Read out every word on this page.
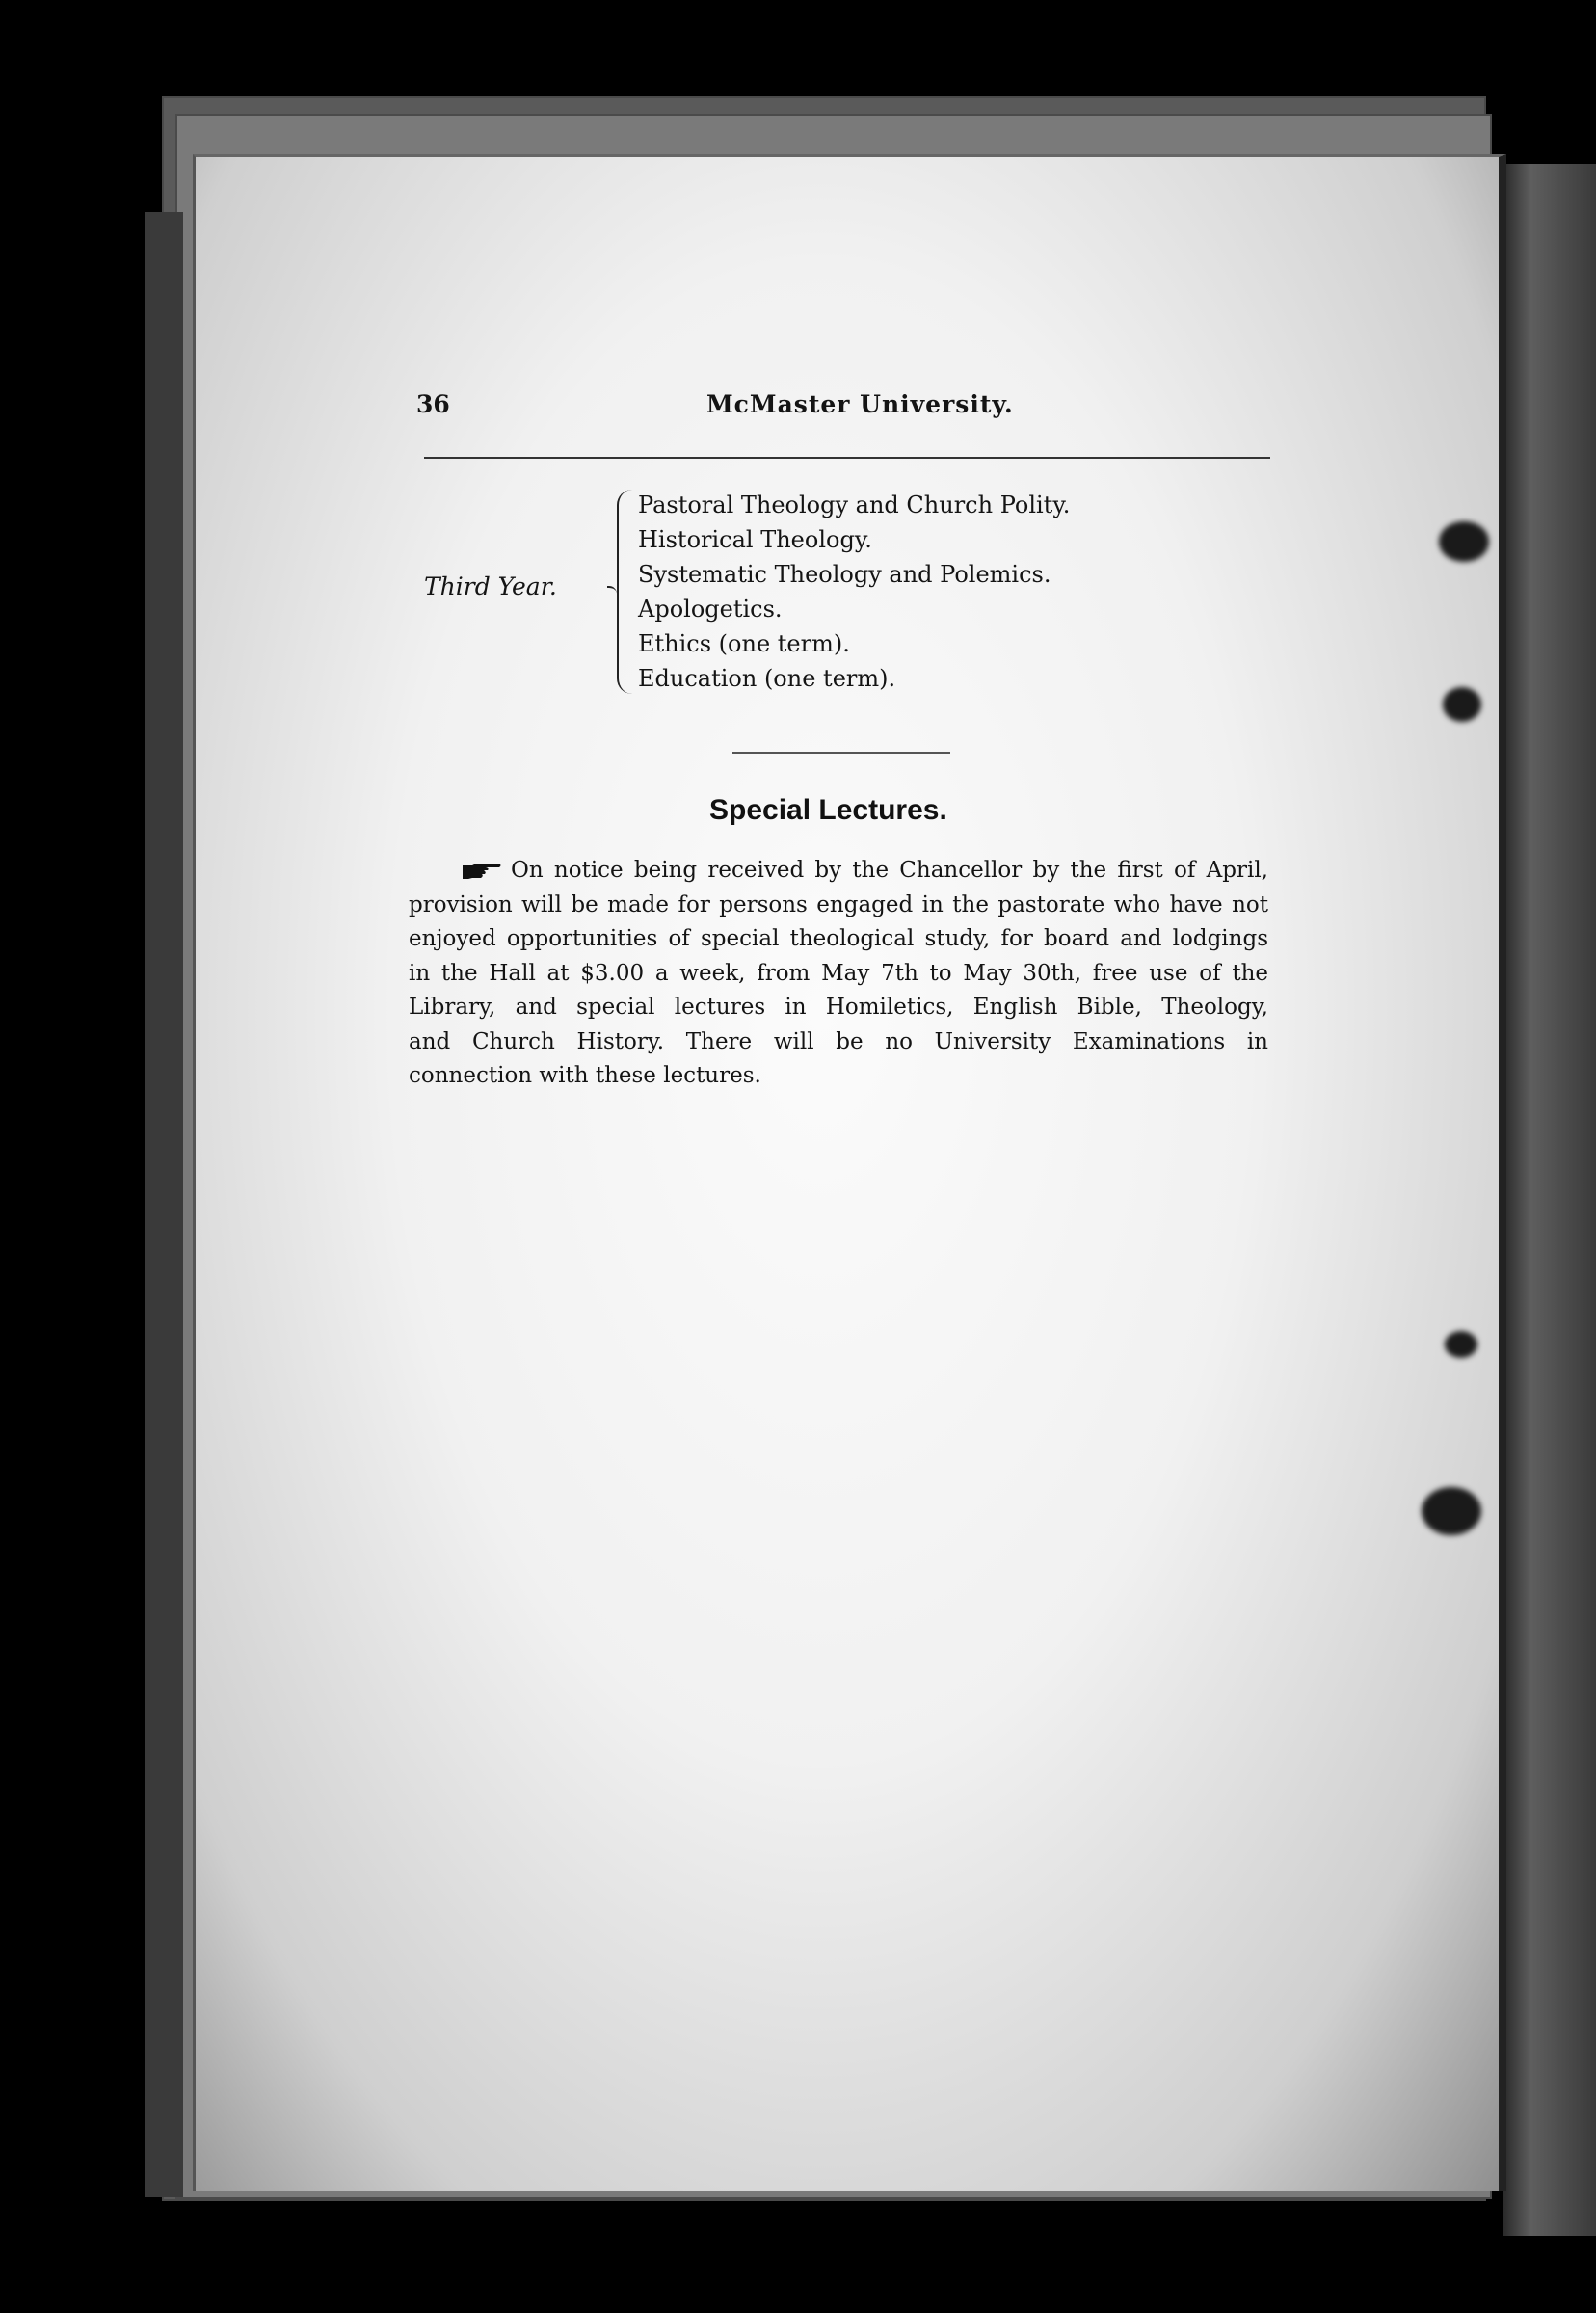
36	McMaster University.
Third Year.
Pastoral Theology and Church Polity.
Historical Theology.
Systematic Theology and Polemics.
Apologetics.
Ethics (one term).
Education (one term).
Special Lectures.
On notice being received by the Chancellor by the first of April,
provision will be made for persons engaged in the pastorate who have not
enjoyed opportunities of special theological study, for board and lodgings
in the Hall at $3.00 a week, from May 7th to May 30th, free use of the
Library, and special lectures in Homiletics, English Bible, Theology,
and Church History. There will be no University Examinations in
connection with these lectures.
